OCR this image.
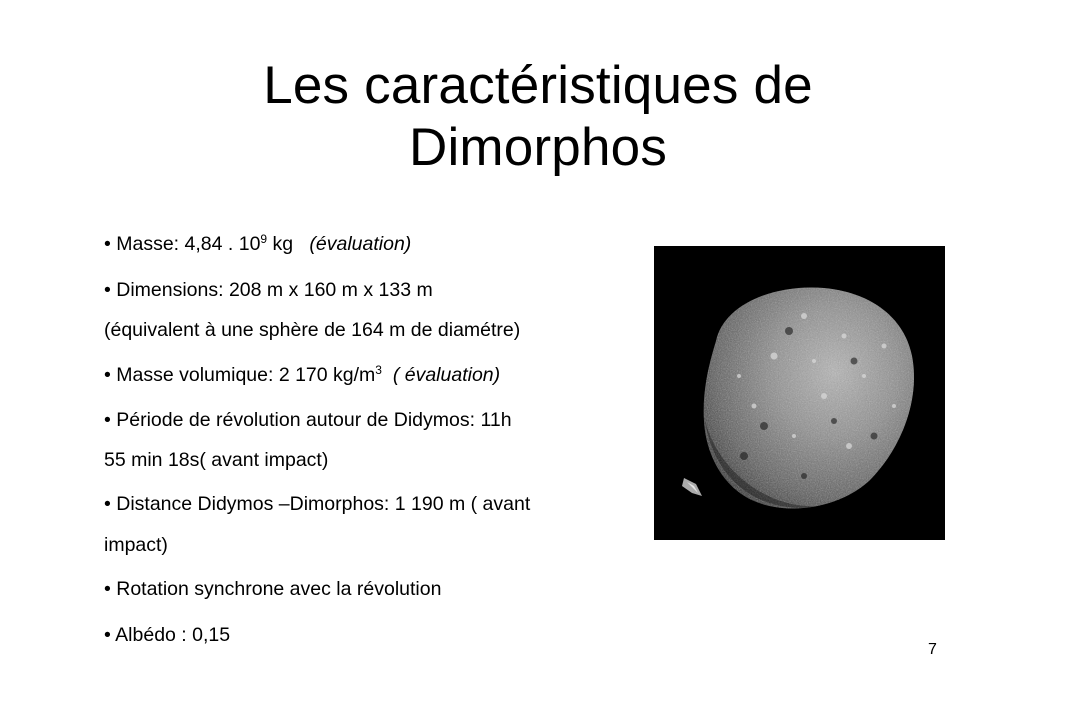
Les caractéristiques de
Dimorphos
• Masse: 4,84 . $10^9$ kg   (évaluation)
• Dimensions: 208 m x 160 m x 133 m
(équivalent à une sphère de 164 m de diamétre)
• Masse volumique: 2 170 $kg/m^3$  ( évaluation)
• Période de révolution autour de Didymos: 11h
55 min 18s( avant impact)
• Distance Didymos –Dimorphos: 1 190 m ( avant
impact)
• Rotation synchrone avec la révolution
• Albédo : 0,15
7
